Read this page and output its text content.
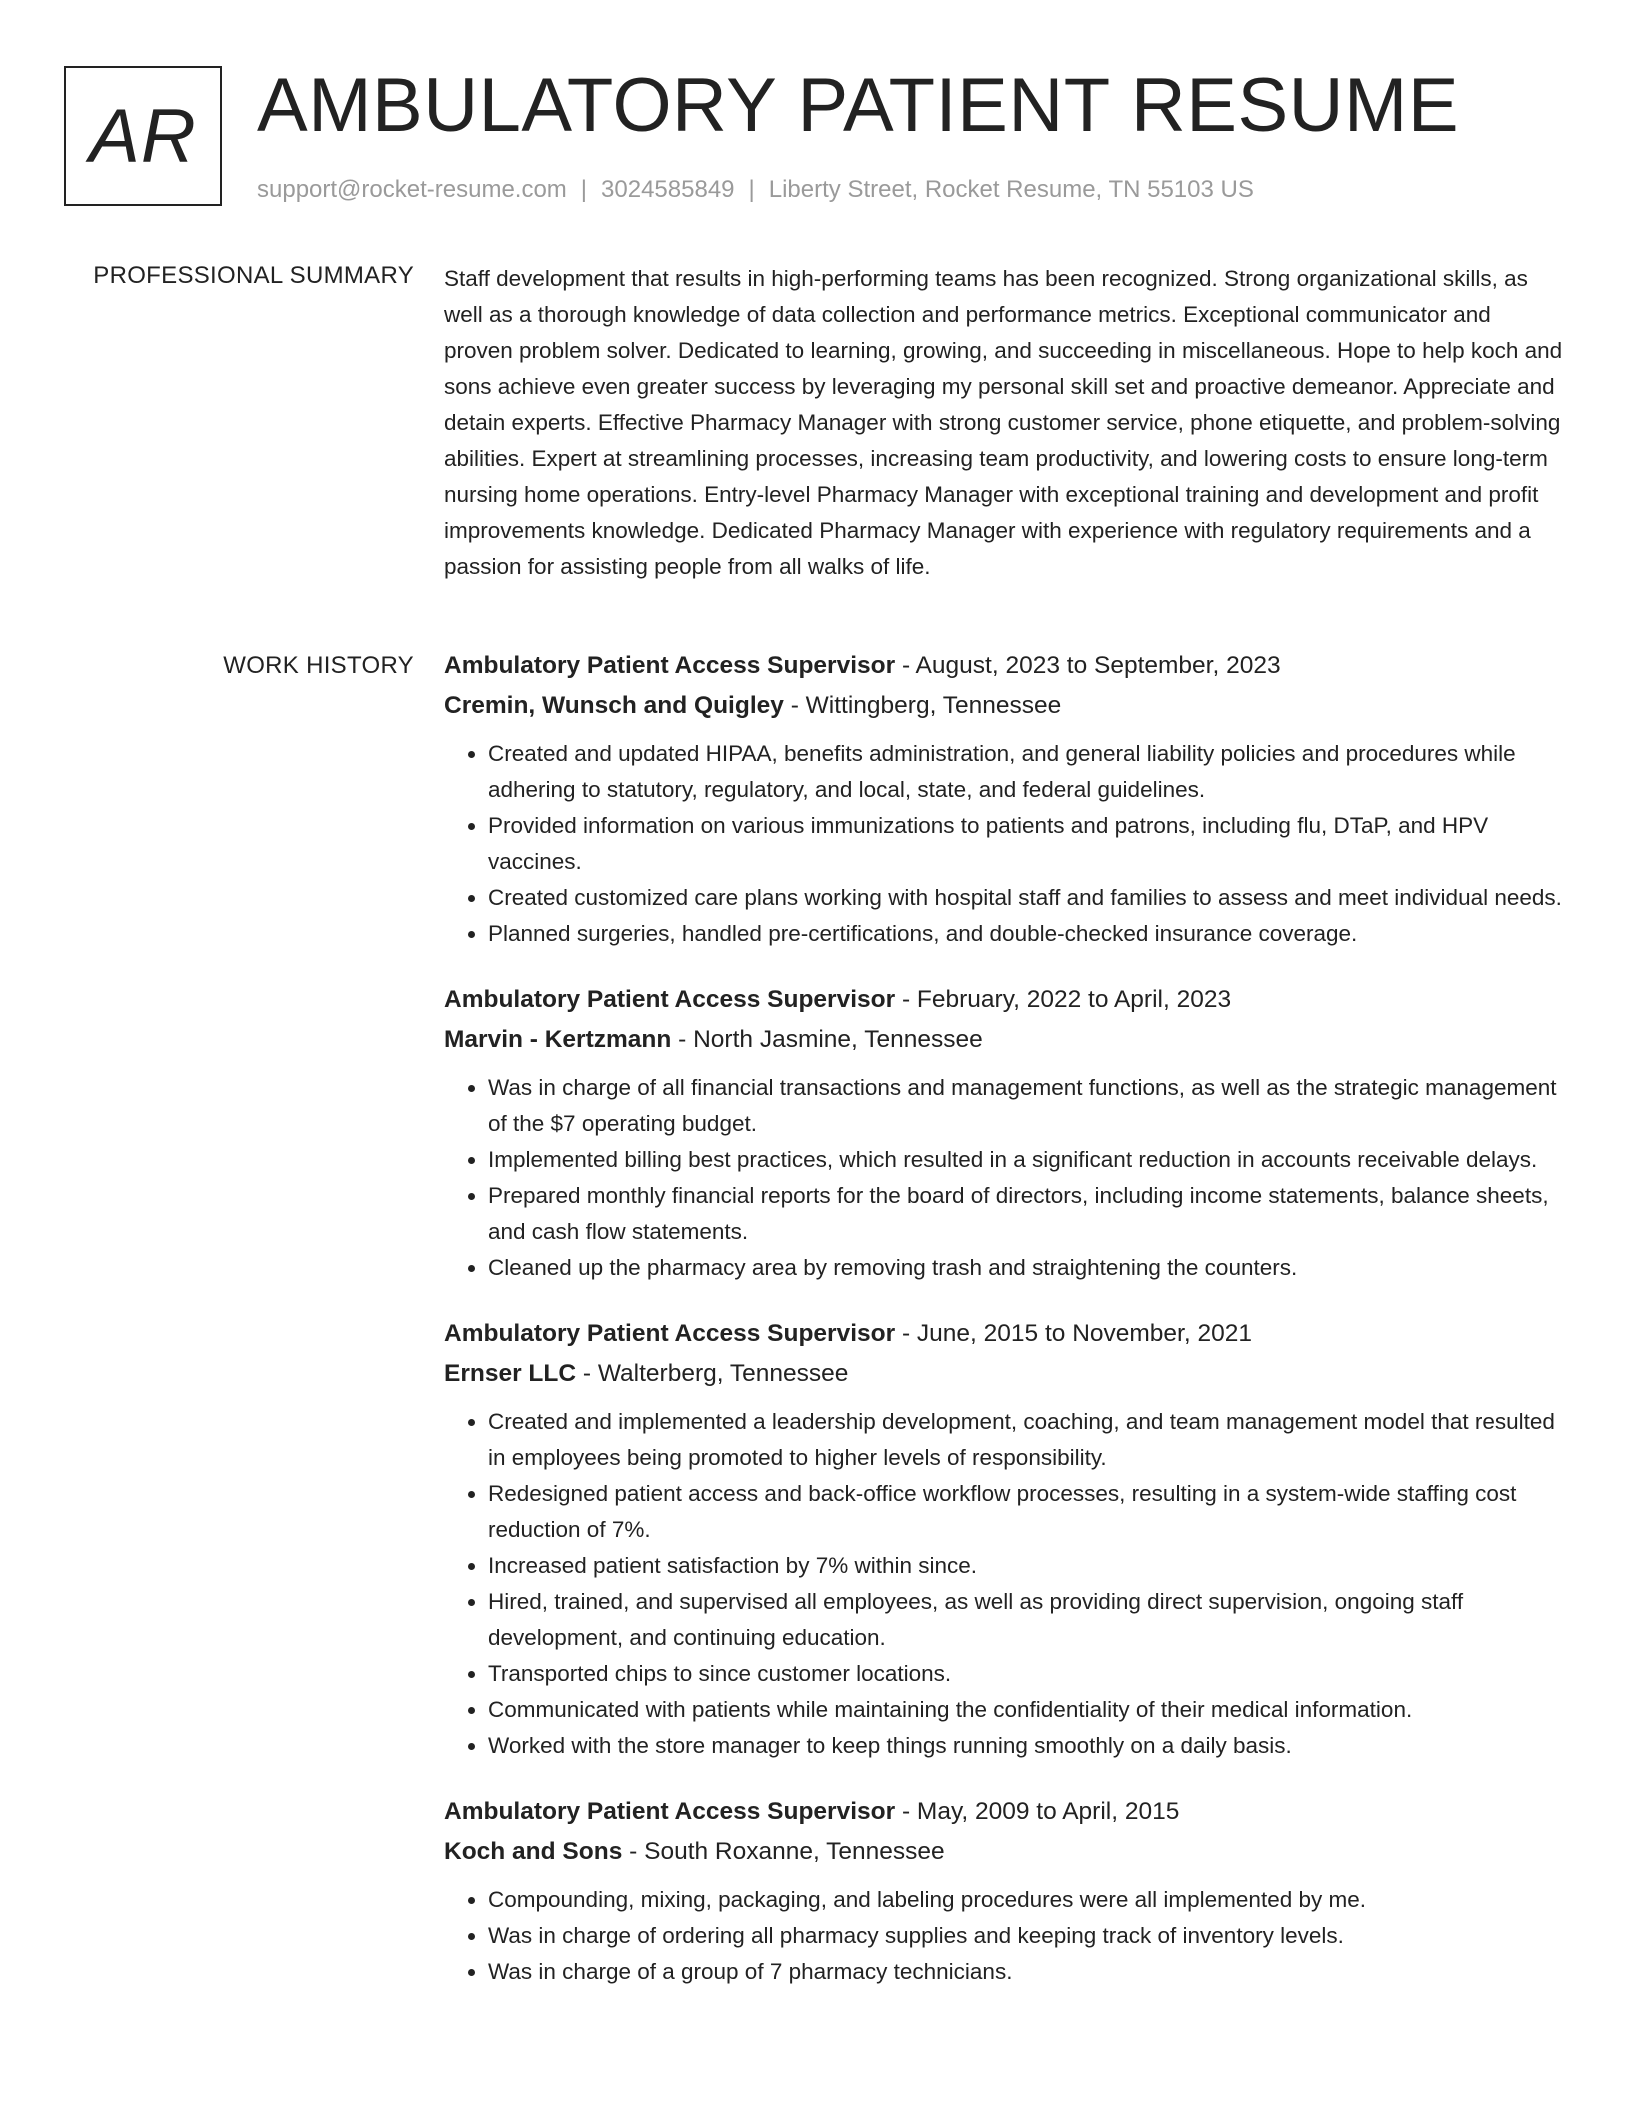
AR AMBULATORY PATIENT RESUME
support@rocket-resume.com | 3024585849 | Liberty Street, Rocket Resume, TN 55103 US
PROFESSIONAL SUMMARY Staff development that results in high-performing teams has been recognized. Strong organizational skills, as well as a thorough knowledge of data collection and performance metrics. Exceptional communicator and proven problem solver. Dedicated to learning, growing, and succeeding in miscellaneous. Hope to help koch and sons achieve even greater success by leveraging my personal skill set and proactive demeanor. Appreciate and detain experts. Effective Pharmacy Manager with strong customer service, phone etiquette, and problem-solving abilities. Expert at streamlining processes, increasing team productivity, and lowering costs to ensure long-term nursing home operations. Entry-level Pharmacy Manager with exceptional training and development and profit improvements knowledge. Dedicated Pharmacy Manager with experience with regulatory requirements and a passion for assisting people from all walks of life.

WORK HISTORY Ambulatory Patient Access Supervisor - August, 2023 to September, 2023
Cremin, Wunsch and Quigley - Wittingberg, Tennessee
• Created and updated HIPAA, benefits administration, and general liability policies and procedures while adhering to statutory, regulatory, and local, state, and federal guidelines.
• Provided information on various immunizations to patients and patrons, including flu, DTaP, and HPV vaccines.
• Created customized care plans working with hospital staff and families to assess and meet individual needs.
• Planned surgeries, handled pre-certifications, and double-checked insurance coverage.
Ambulatory Patient Access Supervisor - February, 2022 to April, 2023
Marvin - Kertzmann - North Jasmine, Tennessee
• Was in charge of all financial transactions and management functions, as well as the strategic management of the $7 operating budget.
• Implemented billing best practices, which resulted in a significant reduction in accounts receivable delays.
• Prepared monthly financial reports for the board of directors, including income statements, balance sheets, and cash flow statements.
• Cleaned up the pharmacy area by removing trash and straightening the counters.
Ambulatory Patient Access Supervisor - June, 2015 to November, 2021
Ernser LLC - Walterberg, Tennessee
• Created and implemented a leadership development, coaching, and team management model that resulted in employees being promoted to higher levels of responsibility.
• Redesigned patient access and back-office workflow processes, resulting in a system-wide staffing cost reduction of 7%.
• Increased patient satisfaction by 7% within since.
• Hired, trained, and supervised all employees, as well as providing direct supervision, ongoing staff development, and continuing education.
• Transported chips to since customer locations.
• Communicated with patients while maintaining the confidentiality of their medical information.
• Worked with the store manager to keep things running smoothly on a daily basis.
Ambulatory Patient Access Supervisor - May, 2009 to April, 2015
Koch and Sons - South Roxanne, Tennessee
• Compounding, mixing, packaging, and labeling procedures were all implemented by me.
• Was in charge of ordering all pharmacy supplies and keeping track of inventory levels.
• Was in charge of a group of 7 pharmacy technicians.
